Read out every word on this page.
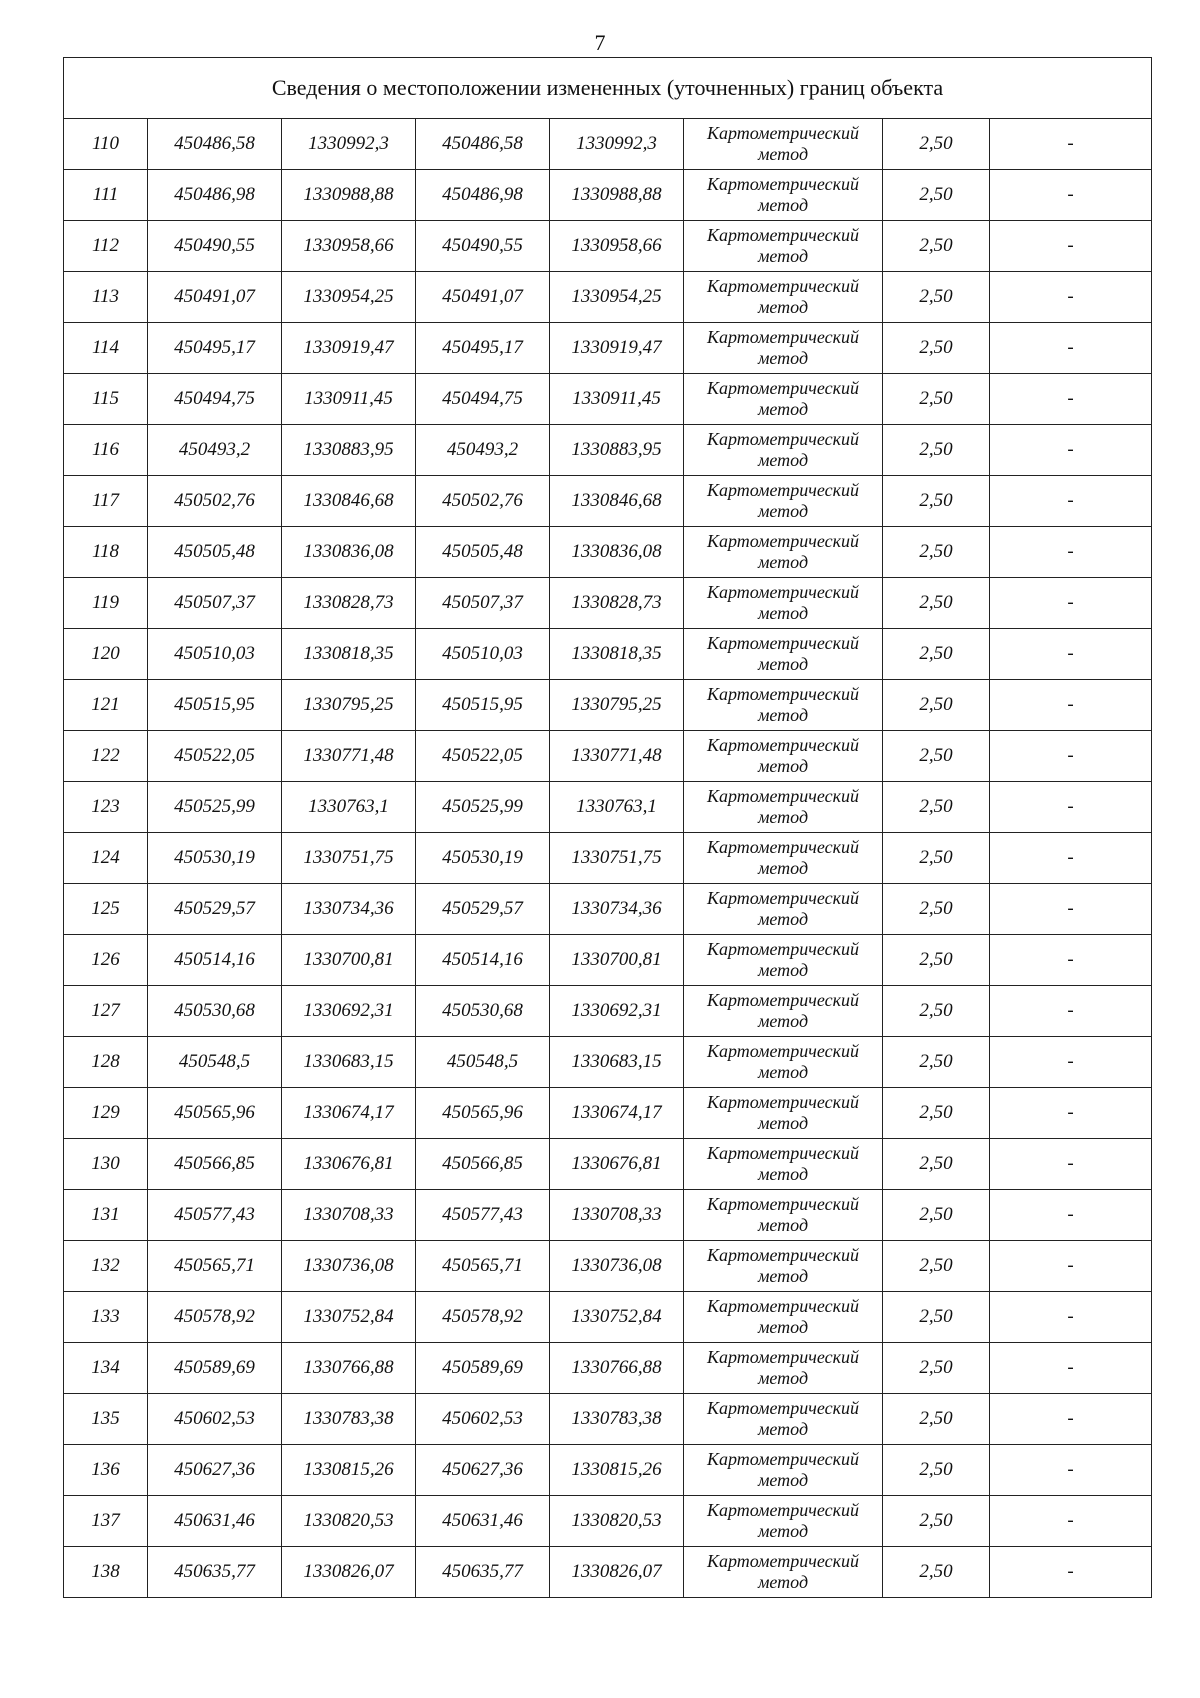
7
Сведения о местоположении измененных (уточненных) границ объекта							
110	450486,58	1330992,3	450486,58	1330992,3	Картометрический
метод	2,50	-
111	450486,98	1330988,88	450486,98	1330988,88	Картометрический
метод	2,50	-
112	450490,55	1330958,66	450490,55	1330958,66	Картометрический
метод	2,50	-
113	450491,07	1330954,25	450491,07	1330954,25	Картометрический
метод	2,50	-
114	450495,17	1330919,47	450495,17	1330919,47	Картометрический
метод	2,50	-
115	450494,75	1330911,45	450494,75	1330911,45	Картометрический
метод	2,50	-
116	450493,2	1330883,95	450493,2	1330883,95	Картометрический
метод	2,50	-
117	450502,76	1330846,68	450502,76	1330846,68	Картометрический
метод	2,50	-
118	450505,48	1330836,08	450505,48	1330836,08	Картометрический
метод	2,50	-
119	450507,37	1330828,73	450507,37	1330828,73	Картометрический
метод	2,50	-
120	450510,03	1330818,35	450510,03	1330818,35	Картометрический
метод	2,50	-
121	450515,95	1330795,25	450515,95	1330795,25	Картометрический
метод	2,50	-
122	450522,05	1330771,48	450522,05	1330771,48	Картометрический
метод	2,50	-
123	450525,99	1330763,1	450525,99	1330763,1	Картометрический
метод	2,50	-
124	450530,19	1330751,75	450530,19	1330751,75	Картометрический
метод	2,50	-
125	450529,57	1330734,36	450529,57	1330734,36	Картометрический
метод	2,50	-
126	450514,16	1330700,81	450514,16	1330700,81	Картометрический
метод	2,50	-
127	450530,68	1330692,31	450530,68	1330692,31	Картометрический
метод	2,50	-
128	450548,5	1330683,15	450548,5	1330683,15	Картометрический
метод	2,50	-
129	450565,96	1330674,17	450565,96	1330674,17	Картометрический
метод	2,50	-
130	450566,85	1330676,81	450566,85	1330676,81	Картометрический
метод	2,50	-
131	450577,43	1330708,33	450577,43	1330708,33	Картометрический
метод	2,50	-
132	450565,71	1330736,08	450565,71	1330736,08	Картометрический
метод	2,50	-
133	450578,92	1330752,84	450578,92	1330752,84	Картометрический
метод	2,50	-
134	450589,69	1330766,88	450589,69	1330766,88	Картометрический
метод	2,50	-
135	450602,53	1330783,38	450602,53	1330783,38	Картометрический
метод	2,50	-
136	450627,36	1330815,26	450627,36	1330815,26	Картометрический
метод	2,50	-
137	450631,46	1330820,53	450631,46	1330820,53	Картометрический
метод	2,50	-
138	450635,77	1330826,07	450635,77	1330826,07	Картометрический
метод	2,50	-
